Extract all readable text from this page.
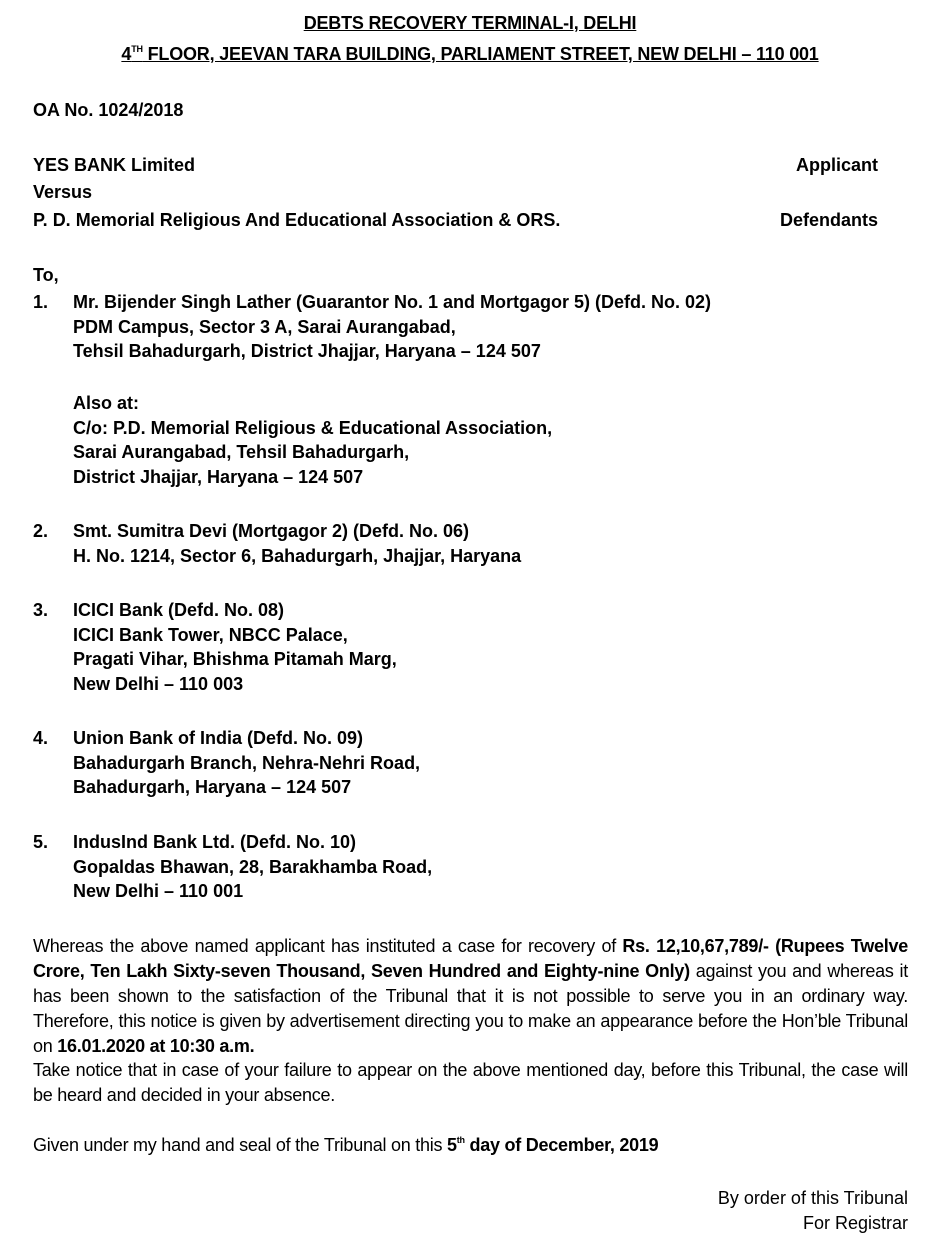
DEBTS RECOVERY TERMINAL-I, DELHI
4TH FLOOR, JEEVAN TARA BUILDING, PARLIAMENT STREET, NEW DELHI – 110 001
OA No. 1024/2018
YES BANK Limited	Applicant
Versus
P. D. Memorial Religious And Educational Association & ORS.	Defendants
To,
1. Mr. Bijender Singh Lather (Guarantor No. 1 and Mortgagor 5) (Defd. No. 02)
PDM Campus, Sector 3 A, Sarai Aurangabad,
Tehsil Bahadurgarh, District Jhajjar, Haryana – 124 507
Also at:
C/o: P.D. Memorial Religious & Educational Association,
Sarai Aurangabad, Tehsil Bahadurgarh,
District Jhajjar, Haryana – 124 507
2. Smt. Sumitra Devi (Mortgagor 2) (Defd. No. 06)
H. No. 1214, Sector 6, Bahadurgarh, Jhajjar, Haryana
3. ICICI Bank (Defd. No. 08)
ICICI Bank Tower, NBCC Palace,
Pragati Vihar, Bhishma Pitamah Marg,
New Delhi – 110 003
4. Union Bank of India (Defd. No. 09)
Bahadurgarh Branch, Nehra-Nehri Road,
Bahadurgarh, Haryana – 124 507
5. IndusInd Bank Ltd. (Defd. No. 10)
Gopaldas Bhawan, 28, Barakhamba Road,
New Delhi – 110 001
Whereas the above named applicant has instituted a case for recovery of Rs. 12,10,67,789/- (Rupees Twelve Crore, Ten Lakh Sixty-seven Thousand, Seven Hundred and Eighty-nine Only) against you and whereas it has been shown to the satisfaction of the Tribunal that it is not possible to serve you in an ordinary way. Therefore, this notice is given by advertisement directing you to make an appearance before the Hon’ble Tribunal on 16.01.2020 at 10:30 a.m.
Take notice that in case of your failure to appear on the above mentioned day, before this Tribunal, the case will be heard and decided in your absence.
Given under my hand and seal of the Tribunal on this 5th day of December, 2019
By order of this Tribunal
For Registrar
